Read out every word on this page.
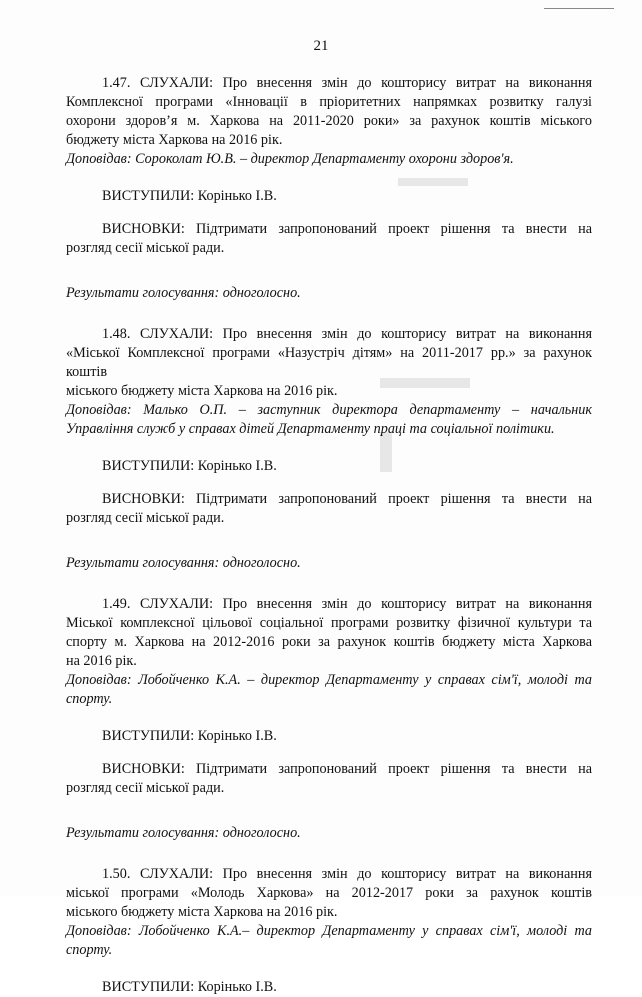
21

1.47. СЛУХАЛИ: Про внесення змін до кошторису витрат на виконання

Комплексної програми «Інновації в пріоритетних напрямках розвитку галузі

охорони здоров’я м. Харкова на 2011-2020 роки» за рахунок коштів міського

бюджету міста Харкова на 2016 рік.

Доповідав: Сороколат Ю.В. – директор Департаменту охорони здоров'я.

ВИСТУПИЛИ: Корінько І.В.

ВИСНОВКИ: Підтримати запропонований проект рішення та внести на

розгляд сесії міської ради.

Результати голосування: одноголосно.

1.48. СЛУХАЛИ: Про внесення змін до кошторису витрат на виконання

«Міської Комплексної програми «Назустріч дітям» на 2011-2017 рр.» за рахунок коштів

міського бюджету міста Харкова на 2016 рік.

Доповідав: Малько О.П. – заступник директора департаменту – начальник

Управління служб у справах дітей Департаменту праці та соціальної політики.

ВИСТУПИЛИ: Корінько І.В.

ВИСНОВКИ: Підтримати запропонований проект рішення та внести на

розгляд сесії міської ради.

Результати голосування: одноголосно.

1.49. СЛУХАЛИ: Про внесення змін до кошторису витрат на виконання

Міської комплексної цільової соціальної програми розвитку фізичної культури та

спорту м. Харкова на 2012-2016 роки за рахунок коштів бюджету міста Харкова

на 2016 рік.

Доповідав: Лобойченко К.А. – директор Департаменту у справах сім'ї, молоді та

спорту.

ВИСТУПИЛИ: Корінько І.В.

ВИСНОВКИ: Підтримати запропонований проект рішення та внести на

розгляд сесії міської ради.

Результати голосування: одноголосно.

1.50. СЛУХАЛИ: Про внесення змін до кошторису витрат на виконання

міської програми «Молодь Харкова» на 2012-2017 роки за рахунок коштів

міського бюджету міста Харкова на 2016 рік.

Доповідав: Лобойченко К.А.– директор Департаменту у справах сім'ї, молоді та

спорту.

ВИСТУПИЛИ: Корінько І.В.
